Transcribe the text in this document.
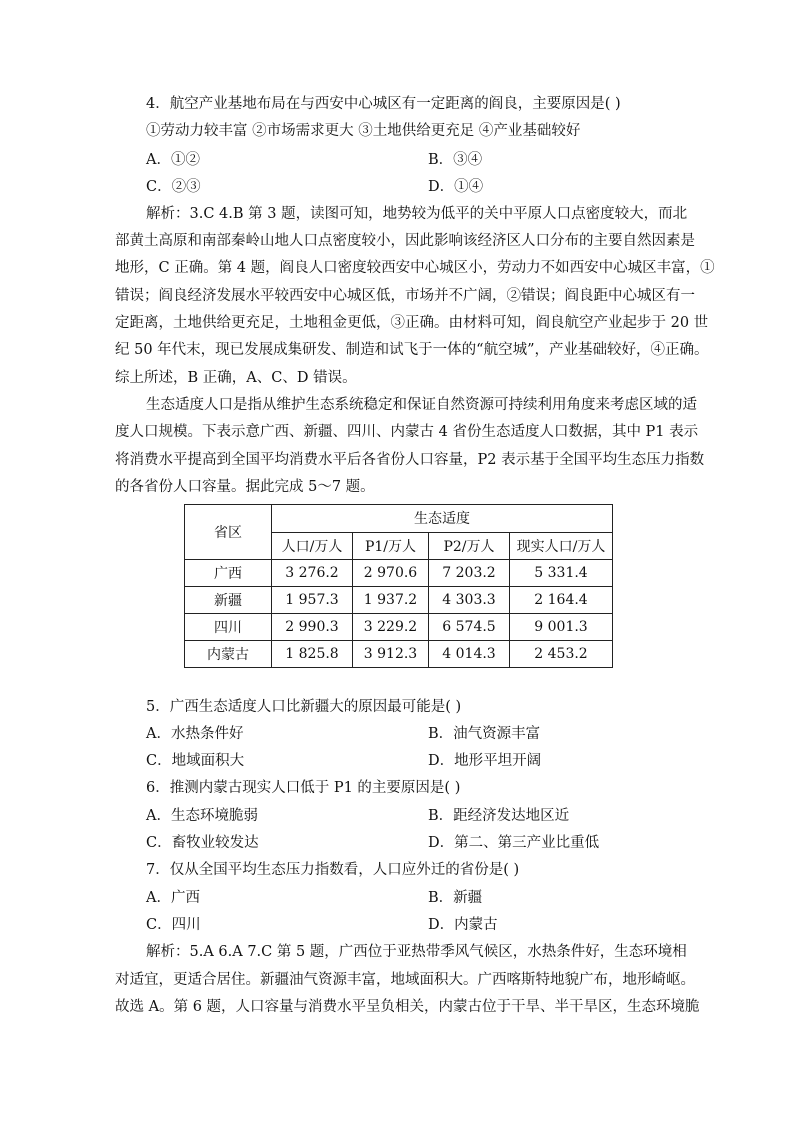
4．航空产业基地布局在与西安中心城区有一定距离的阎良，主要原因是( )
①劳动力较丰富 ②市场需求更大 ③土地供给更充足 ④产业基础较好
A．①②	B．③④
C．②③	D．①④
解析：3.C 4.B 第 3 题，读图可知，地势较为低平的关中平原人口点密度较大，而北
部黄土高原和南部秦岭山地人口点密度较小，因此影响该经济区人口分布的主要自然因素是
地形，C 正确。第 4 题，阎良人口密度较西安中心城区小，劳动力不如西安中心城区丰富，①
错误；阎良经济发展水平较西安中心城区低，市场并不广阔，②错误；阎良距中心城区有一
定距离，土地供给更充足，土地租金更低，③正确。由材料可知，阎良航空产业起步于 20 世
纪 50 年代末，现已发展成集研发、制造和试飞于一体的“航空城”，产业基础较好，④正确。
综上所述，B 正确，A、C、D 错误。
生态适度人口是指从维护生态系统稳定和保证自然资源可持续利用角度来考虑区域的适
度人口规模。下表示意广西、新疆、四川、内蒙古 4 省份生态适度人口数据，其中 P1 表示
将消费水平提高到全国平均消费水平后各省份人口容量，P2 表示基于全国平均生态压力指数
的各省份人口容量。据此完成 5～7 题。
省区	生态适度			
	人口/万人	P1/万人	P2/万人	现实人口/万人
广西	3 276.2	2 970.6	7 203.2	5 331.4
新疆	1 957.3	1 937.2	4 303.3	2 164.4
四川	2 990.3	3 229.2	6 574.5	9 001.3
内蒙古	1 825.8	3 912.3	4 014.3	2 453.2
5．广西生态适度人口比新疆大的原因最可能是( )
A．水热条件好	B．油气资源丰富
C．地域面积大	D．地形平坦开阔
6．推测内蒙古现实人口低于 P1 的主要原因是( )
A．生态环境脆弱	B．距经济发达地区近
C．畜牧业较发达	D．第二、第三产业比重低
7．仅从全国平均生态压力指数看，人口应外迁的省份是( )
A．广西	B．新疆
C．四川	D．内蒙古
解析：5.A 6.A 7.C 第 5 题，广西位于亚热带季风气候区，水热条件好，生态环境相
对适宜，更适合居住。新疆油气资源丰富，地域面积大。广西喀斯特地貌广布，地形崎岖。
故选 A。第 6 题，人口容量与消费水平呈负相关，内蒙古位于干旱、半干旱区，生态环境脆
